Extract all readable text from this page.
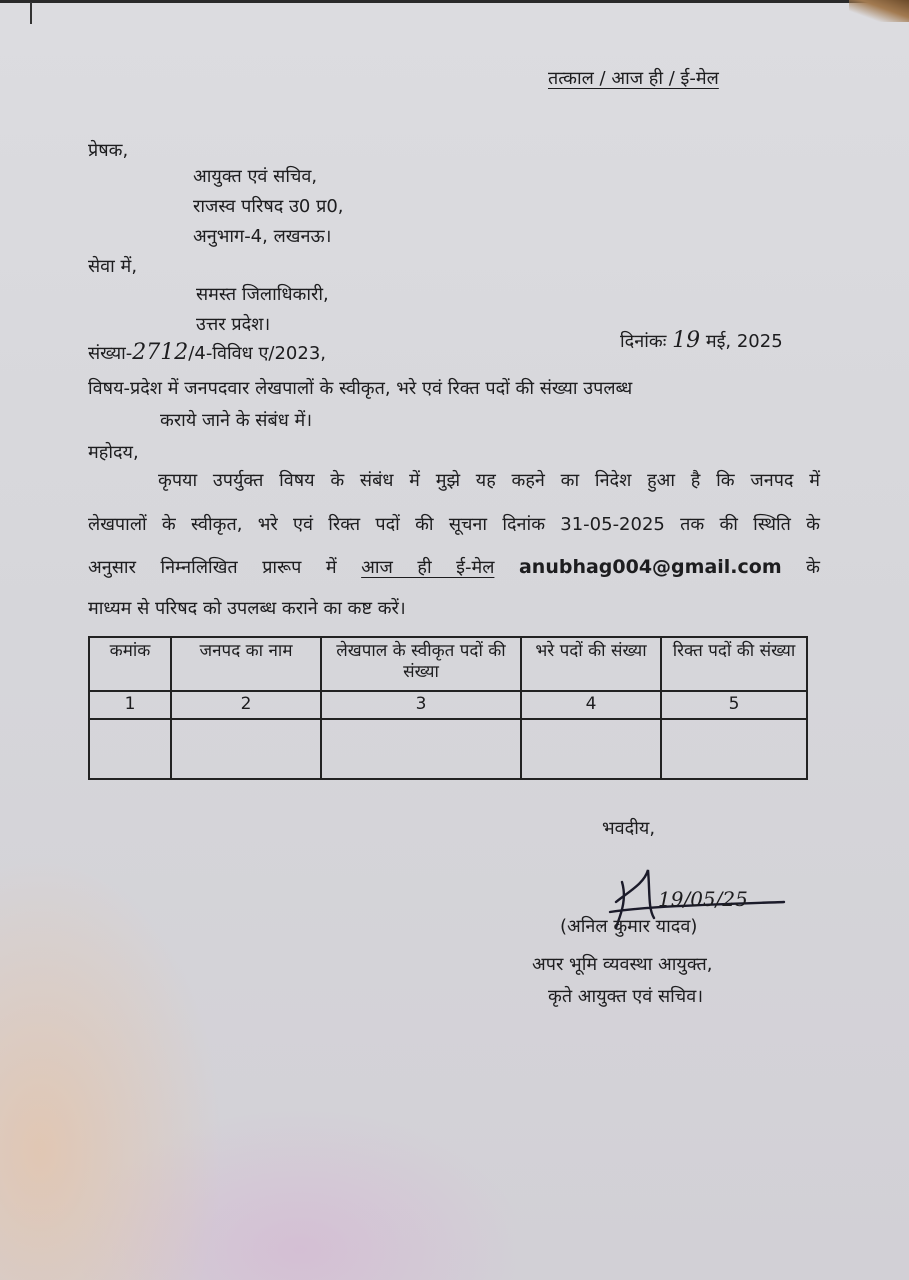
तत्काल / आज ही / ई-मेल
प्रेषक,
आयुक्त एवं सचिव,
राजस्व परिषद उ0 प्र0,
अनुभाग-4, लखनऊ।
सेवा में,
समस्त जिलाधिकारी,
उत्तर प्रदेश।
संख्या-2712/4-विविध ए/2023,
दिनांकः 19 मई, 2025
विषय-प्रदेश में जनपदवार लेखपालों के स्वीकृत, भरे एवं रिक्त पदों की संख्या उपलब्ध
कराये जाने के संबंध में।
महोदय,
कृपया उपर्युक्त विषय के संबंध में मुझे यह कहने का निदेश हुआ है कि जनपद में
लेखपालों के स्वीकृत, भरे एवं रिक्त पदों की सूचना दिनांक 31-05-2025 तक की स्थिति के
अनुसार निम्नलिखित प्रारूप में आज ही ई-मेल anubhag004@gmail.com के
माध्यम से परिषद को उपलब्ध कराने का कष्ट करें।
कमांक	जनपद का नाम	लेखपाल के स्वीकृत पदों की संख्या	भरे पदों की संख्या	रिक्त पदों की संख्या
1	2	3	4	5

भवदीय,
19/05/25
(अनिल कुमार यादव)
अपर भूमि व्यवस्था आयुक्त,
कृते आयुक्त एवं सचिव।
